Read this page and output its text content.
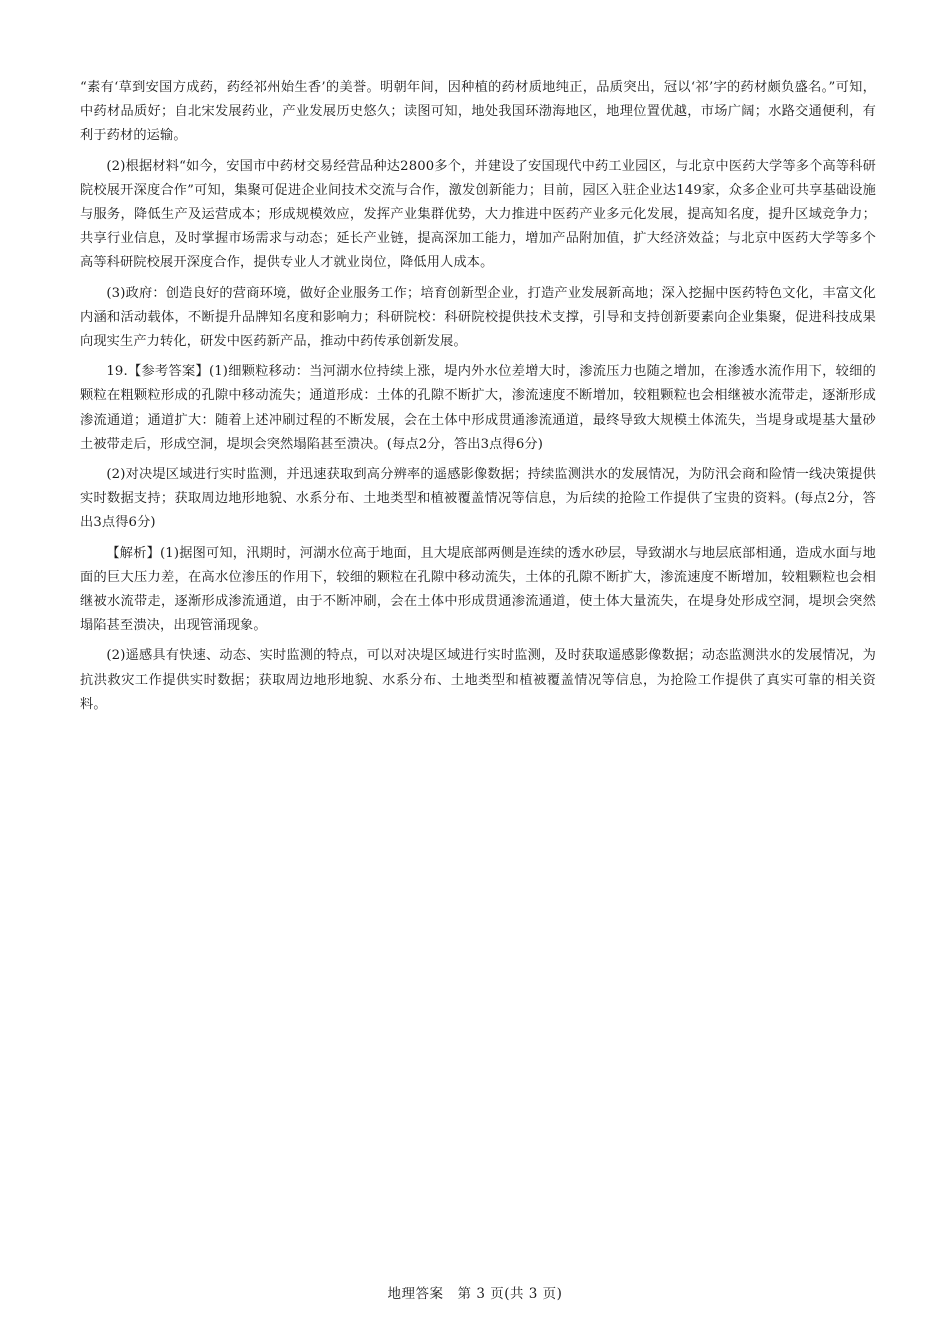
“素有‘草到安国方成药，药经祁州始生香’的美誉。明朝年间，因种植的药材质地纯正，品质突出，冠以‘祁’字的药材颇负盛名。”可知，中药材品质好；自北宋发展药业，产业发展历史悠久；读图可知，地处我国环渤海地区，地理位置优越，市场广阔；水路交通便利，有利于药材的运输。

(2)根据材料“如今，安国市中药材交易经营品种达2800多个，并建设了安国现代中药工业园区，与北京中医药大学等多个高等科研院校展开深度合作”可知，集聚可促进企业间技术交流与合作，激发创新能力；目前，园区入驻企业达149家，众多企业可共享基础设施与服务，降低生产及运营成本；形成规模效应，发挥产业集群优势，大力推进中医药产业多元化发展，提高知名度，提升区域竞争力；共享行业信息，及时掌握市场需求与动态；延长产业链，提高深加工能力，增加产品附加值，扩大经济效益；与北京中医药大学等多个高等科研院校展开深度合作，提供专业人才就业岗位，降低用人成本。

(3)政府：创造良好的营商环境，做好企业服务工作；培育创新型企业，打造产业发展新高地；深入挖掘中医药特色文化，丰富文化内涵和活动载体，不断提升品牌知名度和影响力；科研院校：科研院校提供技术支撑，引导和支持创新要素向企业集聚，促进科技成果向现实生产力转化，研发中医药新产品，推动中药传承创新发展。

19.【参考答案】(1)细颗粒移动：当河湖水位持续上涨，堤内外水位差增大时，渗流压力也随之增加，在渗透水流作用下，较细的颗粒在粗颗粒形成的孔隙中移动流失；通道形成：土体的孔隙不断扩大，渗流速度不断增加，较粗颗粒也会相继被水流带走，逐渐形成渗流通道；通道扩大：随着上述冲刷过程的不断发展，会在土体中形成贯通渗流通道，最终导致大规模土体流失，当堤身或堤基大量砂土被带走后，形成空洞，堤坝会突然塌陷甚至溃决。(每点2分，答出3点得6分)

(2)对决堤区域进行实时监测，并迅速获取到高分辨率的遥感影像数据；持续监测洪水的发展情况，为防汛会商和险情一线决策提供实时数据支持；获取周边地形地貌、水系分布、土地类型和植被覆盖情况等信息，为后续的抢险工作提供了宝贵的资料。(每点2分，答出3点得6分)

【解析】(1)据图可知，汛期时，河湖水位高于地面，且大堤底部两侧是连续的透水砂层，导致湖水与地层底部相通，造成水面与地面的巨大压力差，在高水位渗压的作用下，较细的颗粒在孔隙中移动流失，土体的孔隙不断扩大，渗流速度不断增加，较粗颗粒也会相继被水流带走，逐渐形成渗流通道，由于不断冲刷，会在土体中形成贯通渗流通道，使土体大量流失，在堤身处形成空洞，堤坝会突然塌陷甚至溃决，出现管涌现象。

(2)遥感具有快速、动态、实时监测的特点，可以对决堤区域进行实时监测，及时获取遥感影像数据；动态监测洪水的发展情况，为抗洪救灾工作提供实时数据；获取周边地形地貌、水系分布、土地类型和植被覆盖情况等信息，为抢险工作提供了真实可靠的相关资料。

地理答案　第 3 页(共 3 页)
